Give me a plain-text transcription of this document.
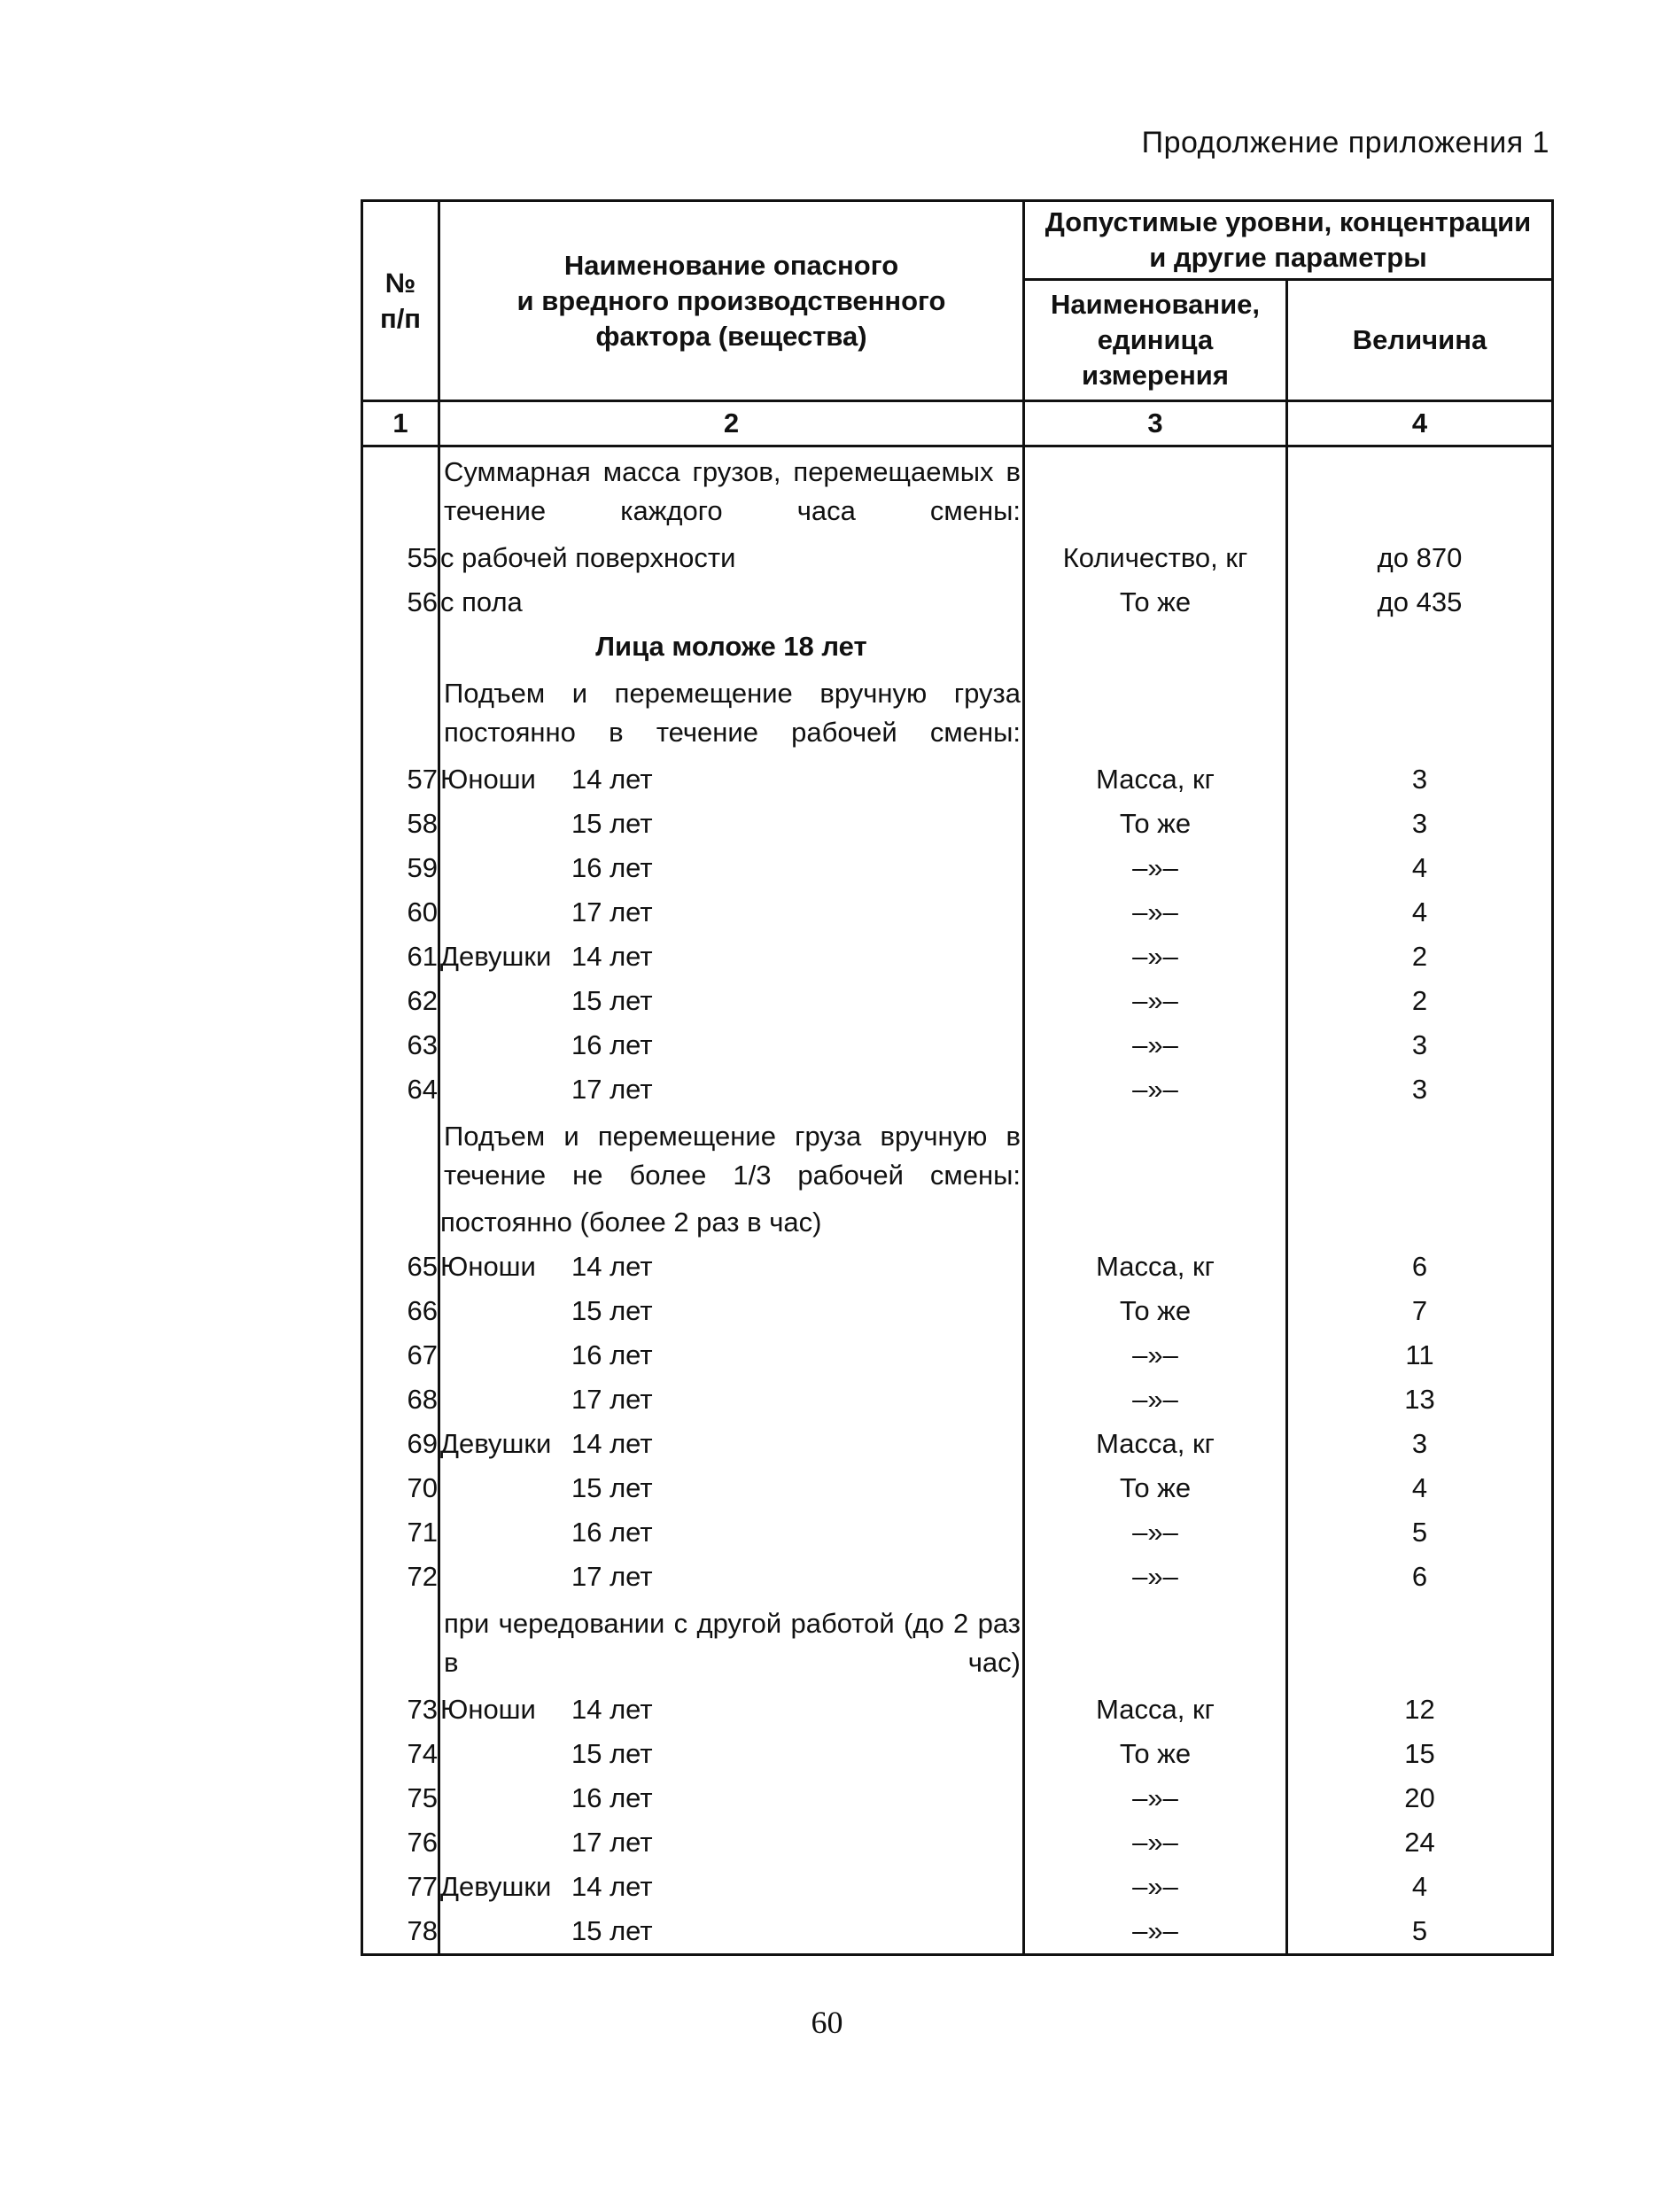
Продолжение приложения 1
№
п/п	Наименование опасного
и вредного производственного
фактора (вещества)	Допустимые уровни, концентрации
и другие параметры	
		Наименование,
единица
измерения	Величина
1	2	3	4
	Суммарная масса грузов, перемещаемых в течение каждого часа смены:		
55	с рабочей поверхности	Количество, кг	до 870
56	с пола	То же	до 435
	Лица моложе 18 лет		
	Подъем и перемещение вручную груза постоянно в течение рабочей смены:		
57	Юноши 14 лет	Масса, кг	3
58	15 лет	То же	3
59	16 лет	–»–	4
60	17 лет	–»–	4
61	Девушки 14 лет	–»–	2
62	15 лет	–»–	2
63	16 лет	–»–	3
64	17 лет	–»–	3
	Подъем и перемещение груза вручную в течение не более 1/3 рабочей смены:		
	постоянно (более 2 раз в час)		
65	Юноши 14 лет	Масса, кг	6
66	15 лет	То же	7
67	16 лет	–»–	11
68	17 лет	–»–	13
69	Девушки 14 лет	Масса, кг	3
70	15 лет	То же	4
71	16 лет	–»–	5
72	17 лет	–»–	6
	при чередовании с другой работой (до 2 раз в час)		
73	Юноши 14 лет	Масса, кг	12
74	15 лет	То же	15
75	16 лет	–»–	20
76	17 лет	–»–	24
77	Девушки 14 лет	–»–	4
78	15 лет	–»–	5
60
